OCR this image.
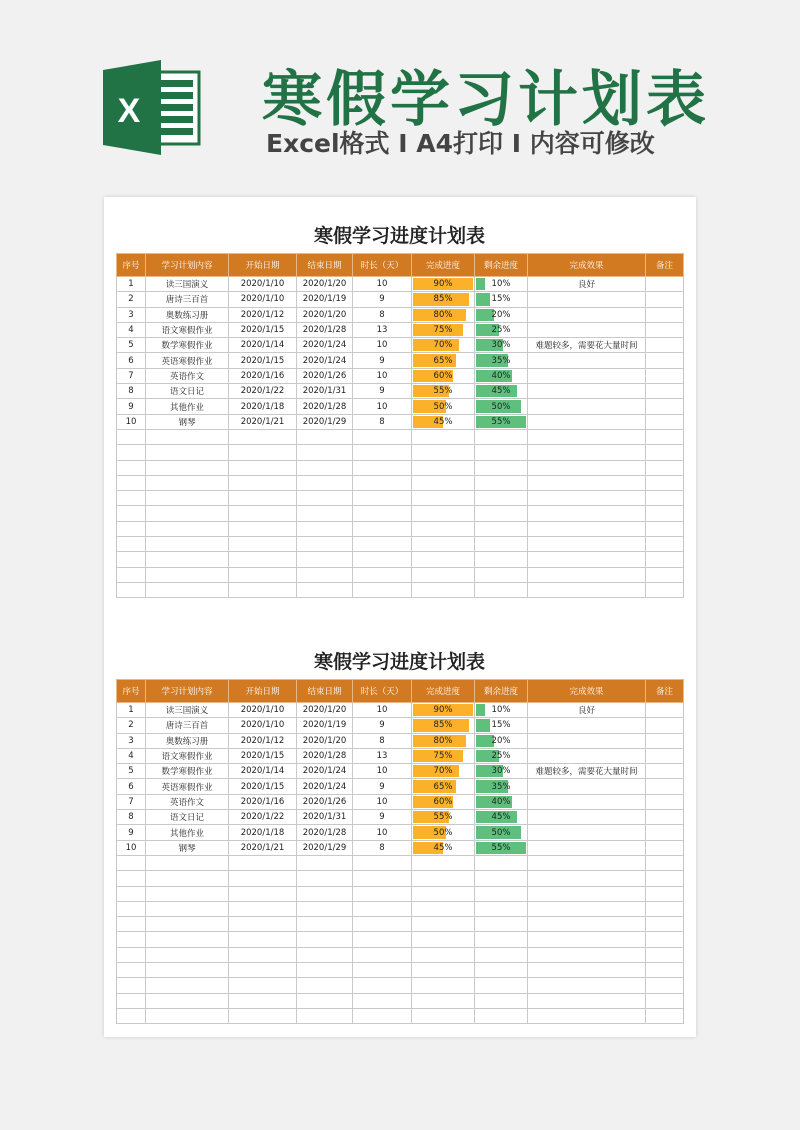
X 寒假学习计划表
Excel格式 Ⅰ A4打印 Ⅰ 内容可修改
寒假学习进度计划表
序号	学习计划内容	开始日期	结束日期	时长（天）	完成进度	剩余进度	完成效果	备注
1	读三国演义	2020/1/10	2020/1/20	10	90%	10%	良好	
2	唐诗三百首	2020/1/10	2020/1/19	9	85%	15%		
3	奥数练习册	2020/1/12	2020/1/20	8	80%	20%		
4	语文寒假作业	2020/1/15	2020/1/28	13	75%	25%		
5	数学寒假作业	2020/1/14	2020/1/24	10	70%	30%	难题较多，需要花大量时间	
6	英语寒假作业	2020/1/15	2020/1/24	9	65%	35%		
7	英语作文	2020/1/16	2020/1/26	10	60%	40%		
8	语文日记	2020/1/22	2020/1/31	9	55%	45%		
9	其他作业	2020/1/18	2020/1/28	10	50%	50%		
10	钢琴	2020/1/21	2020/1/29	8	45%	55%		

寒假学习进度计划表
序号	学习计划内容	开始日期	结束日期	时长（天）	完成进度	剩余进度	完成效果	备注
1	读三国演义	2020/1/10	2020/1/20	10	90%	10%	良好	
2	唐诗三百首	2020/1/10	2020/1/19	9	85%	15%		
3	奥数练习册	2020/1/12	2020/1/20	8	80%	20%		
4	语文寒假作业	2020/1/15	2020/1/28	13	75%	25%		
5	数学寒假作业	2020/1/14	2020/1/24	10	70%	30%	难题较多，需要花大量时间	
6	英语寒假作业	2020/1/15	2020/1/24	9	65%	35%		
7	英语作文	2020/1/16	2020/1/26	10	60%	40%		
8	语文日记	2020/1/22	2020/1/31	9	55%	45%		
9	其他作业	2020/1/18	2020/1/28	10	50%	50%		
10	钢琴	2020/1/21	2020/1/29	8	45%	55%		
